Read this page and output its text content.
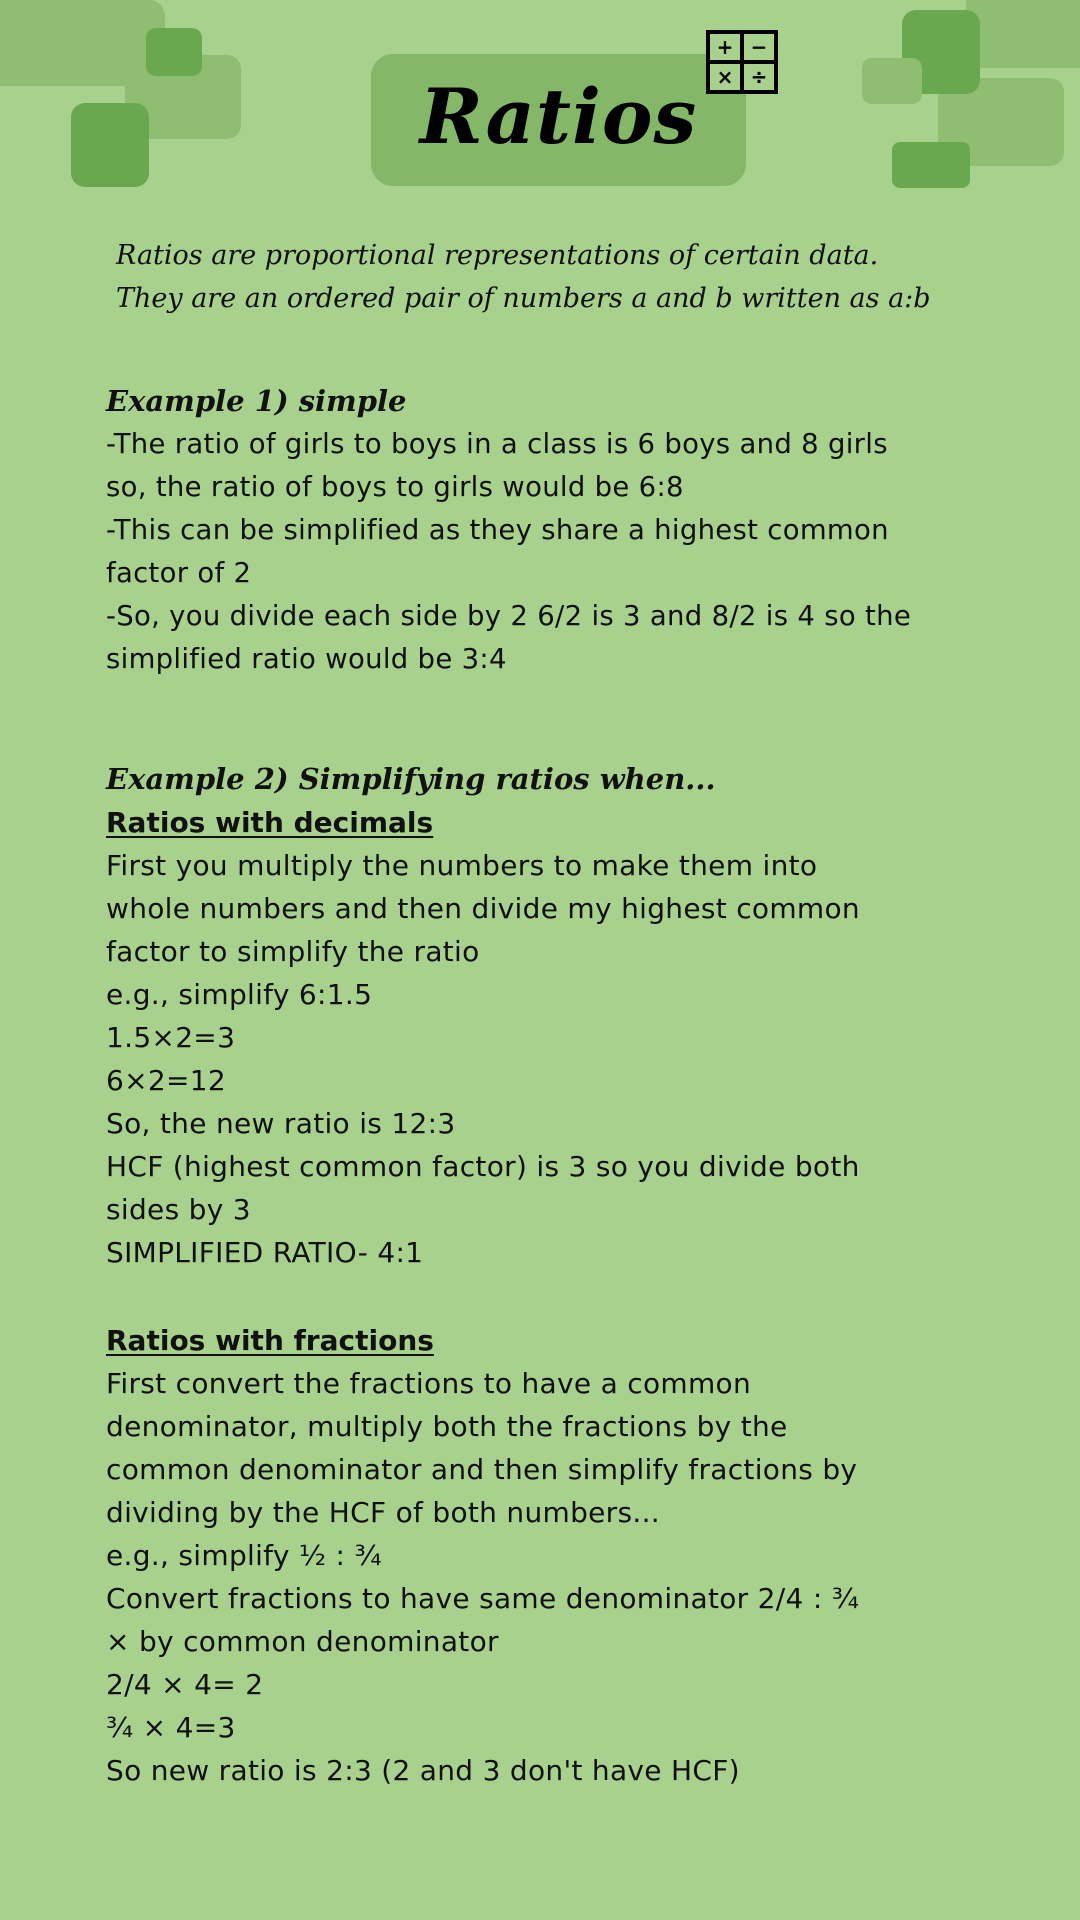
Ratios
+ −
× ÷
Ratios are proportional representations of certain data.
They are an ordered pair of numbers a and b written as a:b
Example 1) simple
-The ratio of girls to boys in a class is 6 boys and 8 girls
so, the ratio of boys to girls would be 6:8
-This can be simplified as they share a highest common
factor of 2
-So, you divide each side by 2 6/2 is 3 and 8/2 is 4 so the
simplified ratio would be 3:4
Example 2) Simplifying ratios when...
Ratios with decimals
First you multiply the numbers to make them into
whole numbers and then divide my highest common
factor to simplify the ratio
e.g., simplify 6:1.5
1.5×2=3
6×2=12
So, the new ratio is 12:3
HCF (highest common factor) is 3 so you divide both
sides by 3
SIMPLIFIED RATIO- 4:1
Ratios with fractions
First convert the fractions to have a common
denominator, multiply both the fractions by the
common denominator and then simplify fractions by
dividing by the HCF of both numbers...
e.g., simplify ½ : ¾
Convert fractions to have same denominator 2/4 : ¾
× by common denominator
2/4 × 4= 2
¾ × 4=3
So new ratio is 2:3 (2 and 3 don't have HCF)
